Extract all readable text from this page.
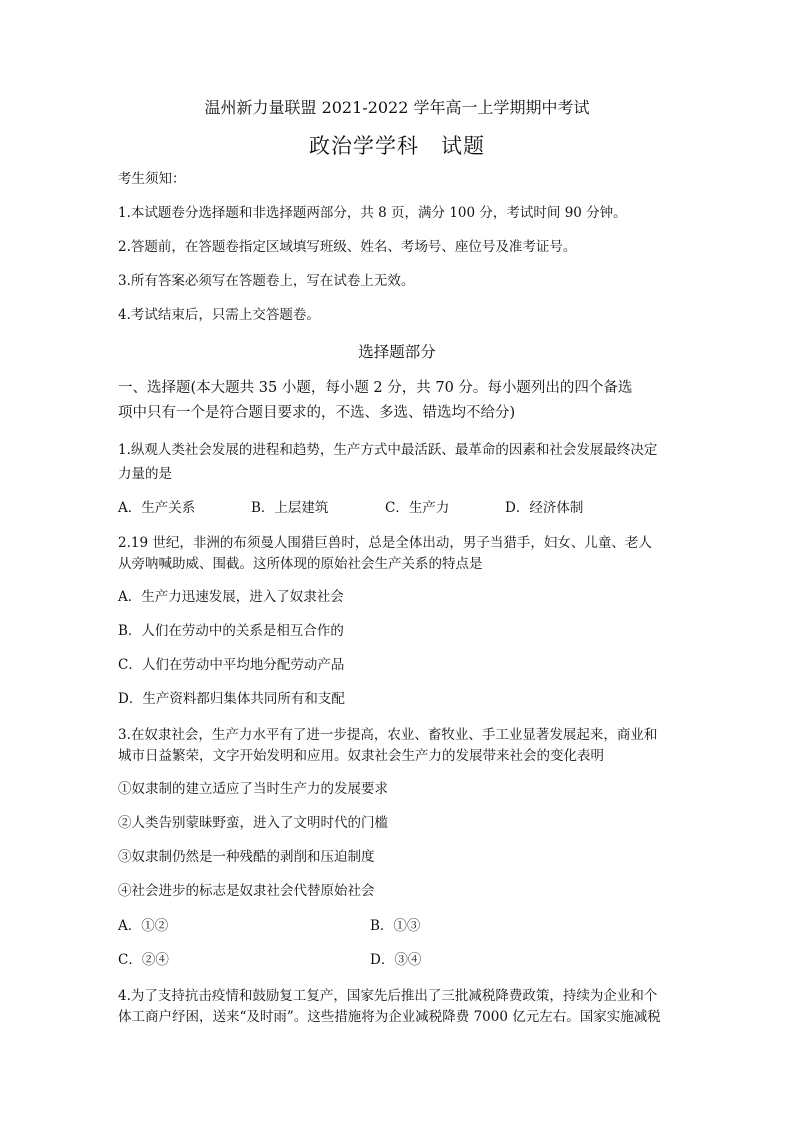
温州新力量联盟 2021-2022 学年高一上学期期中考试
政治学学科　试题
考生须知：
1.本试题卷分选择题和非选择题两部分，共 8 页，满分 100 分，考试时间 90 分钟。
2.答题前，在答题卷指定区域填写班级、姓名、考场号、座位号及准考证号。
3.所有答案必须写在答题卷上，写在试卷上无效。
4.考试结束后，只需上交答题卷。
选择题部分
一、选择题(本大题共 35 小题，每小题 2 分，共 70 分。每小题列出的四个备选
项中只有一个是符合题目要求的，不选、多选、错选均不给分)
1.纵观人类社会发展的进程和趋势，生产方式中最活跃、最革命的因素和社会发展最终决定
力量的是
A．生产关系	B．上层建筑	C．生产力	D．经济体制
2.19 世纪，非洲的布须曼人围猎巨兽时，总是全体出动，男子当猎手，妇女、儿童、老人
从旁呐喊助威、围截。这所体现的原始社会生产关系的特点是
A．生产力迅速发展，进入了奴隶社会
B．人们在劳动中的关系是相互合作的
C．人们在劳动中平均地分配劳动产品
D．生产资料都归集体共同所有和支配
3.在奴隶社会，生产力水平有了进一步提高，农业、畜牧业、手工业显著发展起来，商业和
城市日益繁荣，文字开始发明和应用。奴隶社会生产力的发展带来社会的变化表明
①奴隶制的建立适应了当时生产力的发展要求
②人类告别蒙昧野蛮，进入了文明时代的门槛
③奴隶制仍然是一种残酷的剥削和压迫制度
④社会进步的标志是奴隶社会代替原始社会
A．①②	B．①③
C．②④	D．③④
4.为了支持抗击疫情和鼓励复工复产，国家先后推出了三批减税降费政策，持续为企业和个
体工商户纾困，送来“及时雨”。这些措施将为企业减税降费 7000 亿元左右。国家实施减税
